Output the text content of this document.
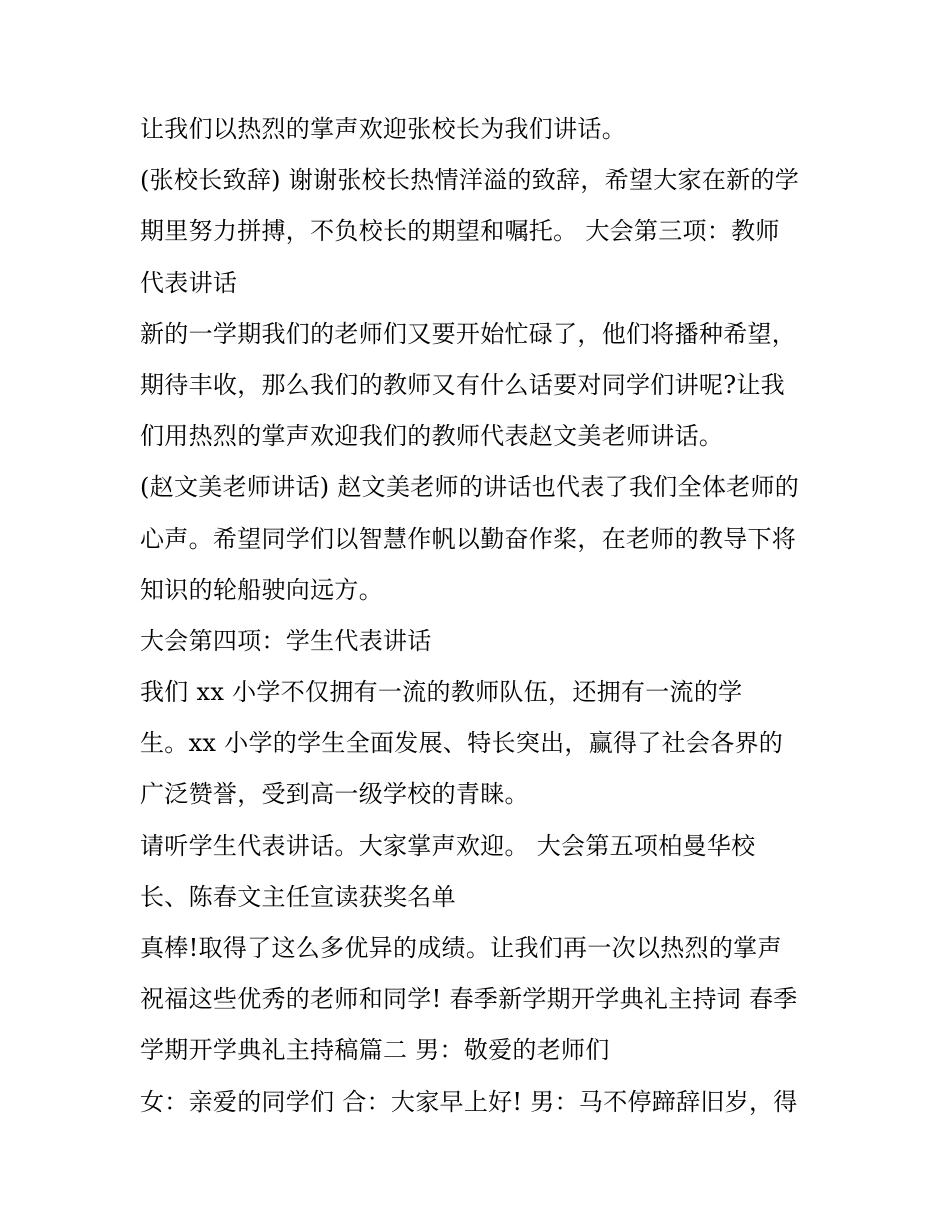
让我们以热烈的掌声欢迎张校长为我们讲话。
(张校长致辞) 谢谢张校长热情洋溢的致辞，希望大家在新的学
期里努力拼搏，不负校长的期望和嘱托。 大会第三项：教师
代表讲话
新的一学期我们的老师们又要开始忙碌了，他们将播种希望，
期待丰收，那么我们的教师又有什么话要对同学们讲呢?让我
们用热烈的掌声欢迎我们的教师代表赵文美老师讲话。
(赵文美老师讲话) 赵文美老师的讲话也代表了我们全体老师的
心声。希望同学们以智慧作帆以勤奋作桨，在老师的教导下将
知识的轮船驶向远方。
大会第四项：学生代表讲话
我们 xx 小学不仅拥有一流的教师队伍，还拥有一流的学
生。xx 小学的学生全面发展、特长突出，赢得了社会各界的
广泛赞誉，受到高一级学校的青睐。
请听学生代表讲话。大家掌声欢迎。 大会第五项柏曼华校
长、陈春文主任宣读获奖名单
真棒!取得了这么多优异的成绩。让我们再一次以热烈的掌声
祝福这些优秀的老师和同学! 春季新学期开学典礼主持词 春季
学期开学典礼主持稿篇二 男：敬爱的老师们
女：亲爱的同学们 合：大家早上好! 男：马不停蹄辞旧岁，得
